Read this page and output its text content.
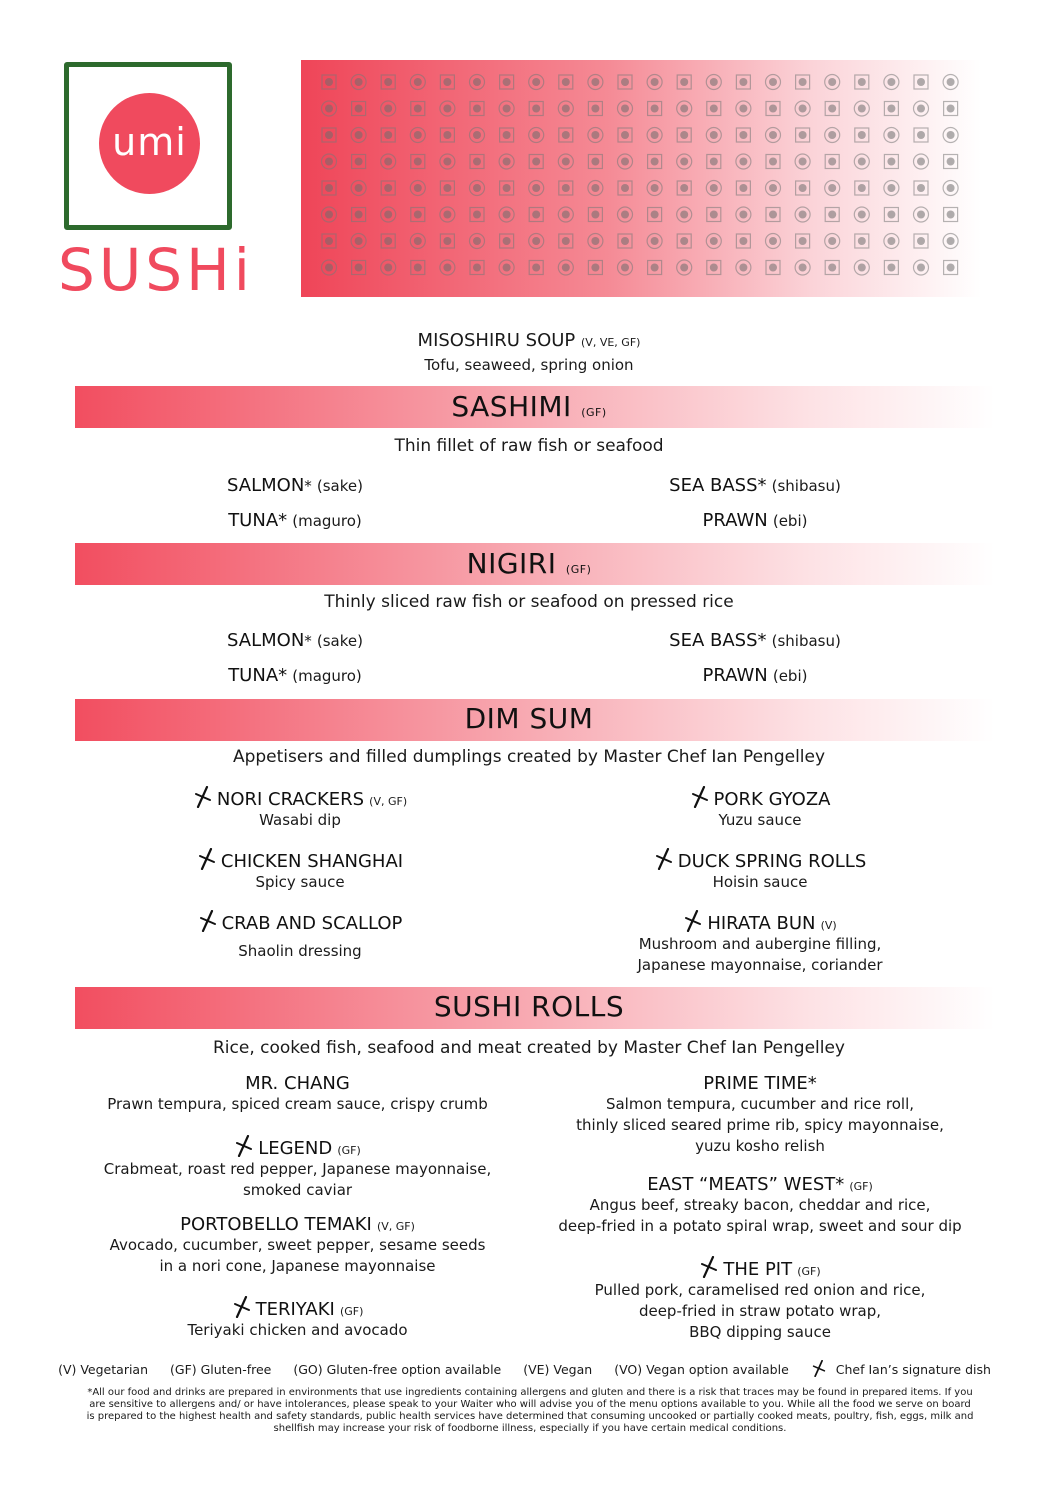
umi
SUSHi
MISOSHIRU SOUP (V, VE, GF)
Tofu, seaweed, spring onion
SASHIMI (GF)
Thin fillet of raw fish or seafood
SALMON* (sake)	SEA BASS* (shibasu)
TUNA* (maguro)	PRAWN (ebi)
NIGIRI (GF)
Thinly sliced raw fish or seafood on pressed rice
SALMON* (sake)	SEA BASS* (shibasu)
TUNA* (maguro)	PRAWN (ebi)
DIM SUM
Appetisers and filled dumplings created by Master Chef Ian Pengelley
NORI CRACKERS (V, GF)
Wasabi dip
PORK GYOZA
Yuzu sauce
CHICKEN SHANGHAI
Spicy sauce
DUCK SPRING ROLLS
Hoisin sauce
CRAB AND SCALLOP
Shaolin dressing
HIRATA BUN (V)
Mushroom and aubergine filling,
Japanese mayonnaise, coriander
SUSHI ROLLS
Rice, cooked fish, seafood and meat created by Master Chef Ian Pengelley
MR. CHANG
Prawn tempura, spiced cream sauce, crispy crumb
LEGEND (GF)
Crabmeat, roast red pepper, Japanese mayonnaise,
smoked caviar
PORTOBELLO TEMAKI (V, GF)
Avocado, cucumber, sweet pepper, sesame seeds
in a nori cone, Japanese mayonnaise
TERIYAKI (GF)
Teriyaki chicken and avocado
PRIME TIME*
Salmon tempura, cucumber and rice roll,
thinly sliced seared prime rib, spicy mayonnaise,
yuzu kosho relish
EAST “MEATS” WEST* (GF)
Angus beef, streaky bacon, cheddar and rice,
deep-fried in a potato spiral wrap, sweet and sour dip
THE PIT (GF)
Pulled pork, caramelised red onion and rice,
deep-fried in straw potato wrap,
BBQ dipping sauce
(V) Vegetarian (GF) Gluten-free (GO) Gluten-free option available (VE) Vegan (VO) Vegan option available	Chef Ian’s signature dish
*All our food and drinks are prepared in environments that use ingredients containing allergens and gluten and there is a risk that traces may be found in prepared items. If you are sensitive to allergens and/ or have intolerances, please speak to your Waiter who will advise you of the menu options available to you. While all the food we serve on board is prepared to the highest health and safety standards, public health services have determined that consuming uncooked or partially cooked meats, poultry, fish, eggs, milk and shellfish may increase your risk of foodborne illness, especially if you have certain medical conditions.
